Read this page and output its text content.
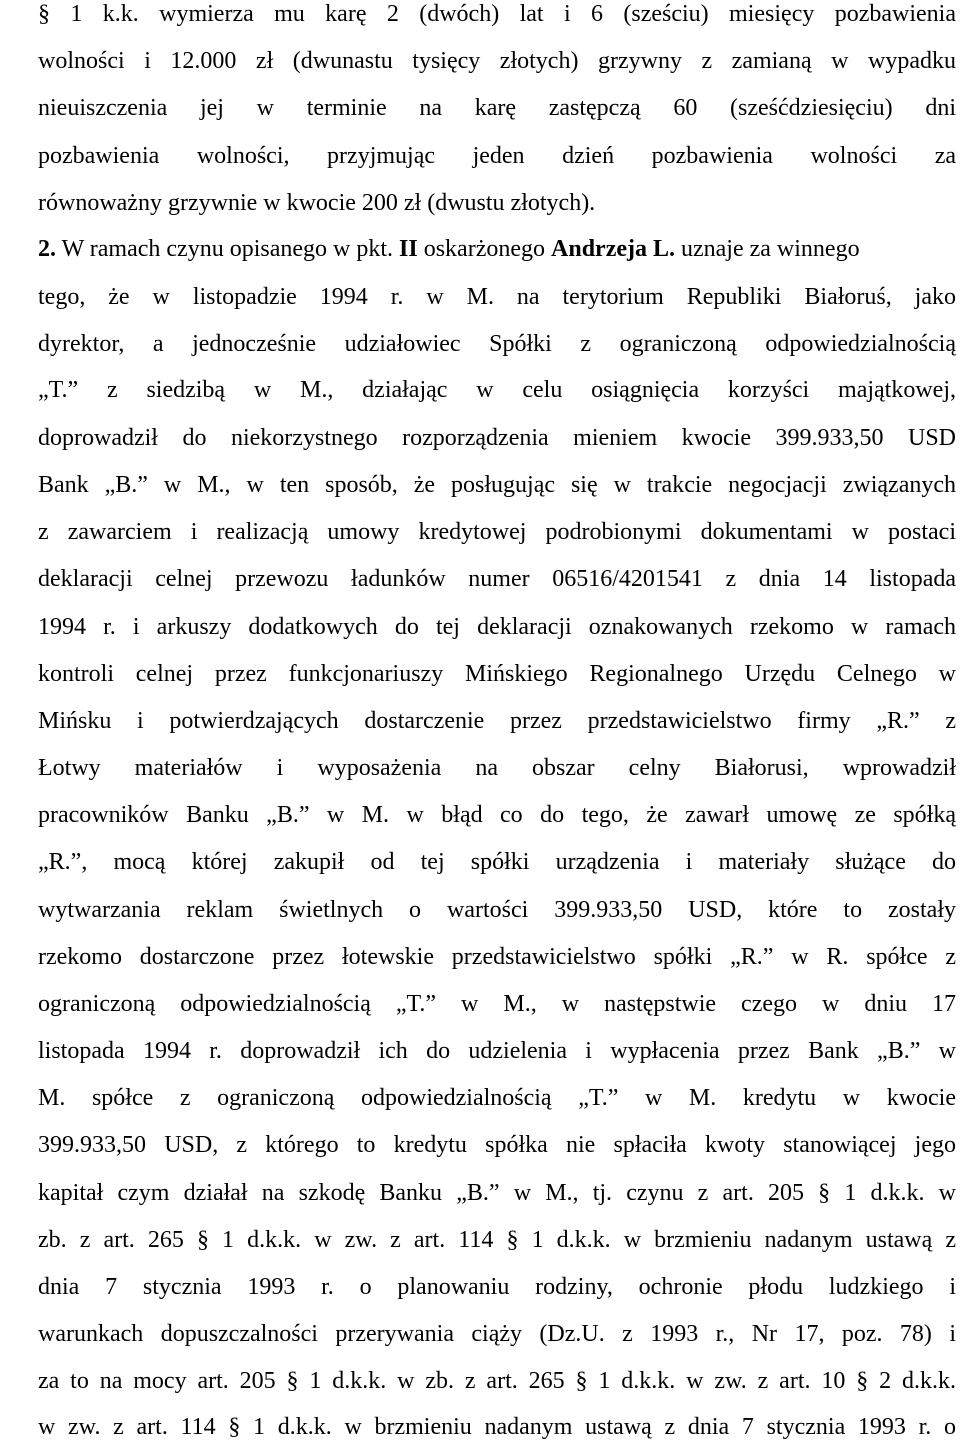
§ 1 k.k. wymierza mu karę 2 (dwóch) lat i 6 (sześciu) miesięcy pozbawienia
wolności i 12.000 zł (dwunastu tysięcy złotych) grzywny z zamianą w wypadku
nieuiszczenia jej w terminie na karę zastępczą 60 (sześćdziesięciu) dni
pozbawienia wolności, przyjmując jeden dzień pozbawienia wolności za
równoważny grzywnie w kwocie 200 zł (dwustu złotych).
2. W ramach czynu opisanego w pkt. II oskarżonego Andrzeja L. uznaje za winnego
tego, że w listopadzie 1994 r. w M. na terytorium Republiki Białoruś, jako
dyrektor, a jednocześnie udziałowiec Spółki z ograniczoną odpowiedzialnością
„T.” z siedzibą w M., działając w celu osiągnięcia korzyści majątkowej,
doprowadził do niekorzystnego rozporządzenia mieniem kwocie 399.933,50 USD
Bank „B.” w M., w ten sposób, że posługując się w trakcie negocjacji związanych
z zawarciem i realizacją umowy kredytowej podrobionymi dokumentami w postaci
deklaracji celnej przewozu ładunków numer 06516/4201541 z dnia 14 listopada
1994 r. i arkuszy dodatkowych do tej deklaracji oznakowanych rzekomo w ramach
kontroli celnej przez funkcjonariuszy Mińskiego Regionalnego Urzędu Celnego w
Mińsku i potwierdzających dostarczenie przez przedstawicielstwo firmy „R.” z
Łotwy materiałów i wyposażenia na obszar celny Białorusi, wprowadził
pracowników Banku „B.” w M. w błąd co do tego, że zawarł umowę ze spółką
„R.”, mocą której zakupił od tej spółki urządzenia i materiały służące do
wytwarzania reklam świetlnych o wartości 399.933,50 USD, które to zostały
rzekomo dostarczone przez łotewskie przedstawicielstwo spółki „R.” w R. spółce z
ograniczoną odpowiedzialnością „T.” w M., w następstwie czego w dniu 17
listopada 1994 r. doprowadził ich do udzielenia i wypłacenia przez Bank „B.” w
M. spółce z ograniczoną odpowiedzialnością „T.” w M. kredytu w kwocie
399.933,50 USD, z którego to kredytu spółka nie spłaciła kwoty stanowiącej jego
kapitał czym działał na szkodę Banku „B.” w M., tj. czynu z art. 205 § 1 d.k.k. w
zb. z art. 265 § 1 d.k.k. w zw. z art. 114 § 1 d.k.k. w brzmieniu nadanym ustawą z
dnia 7 stycznia 1993 r. o planowaniu rodziny, ochronie płodu ludzkiego i
warunkach dopuszczalności przerywania ciąży (Dz.U. z 1993 r., Nr 17, poz. 78) i
za to na mocy art. 205 § 1 d.k.k. w zb. z art. 265 § 1 d.k.k. w zw. z art. 10 § 2 d.k.k.
w zw. z art. 114 § 1 d.k.k. w brzmieniu nadanym ustawą z dnia 7 stycznia 1993 r. o
